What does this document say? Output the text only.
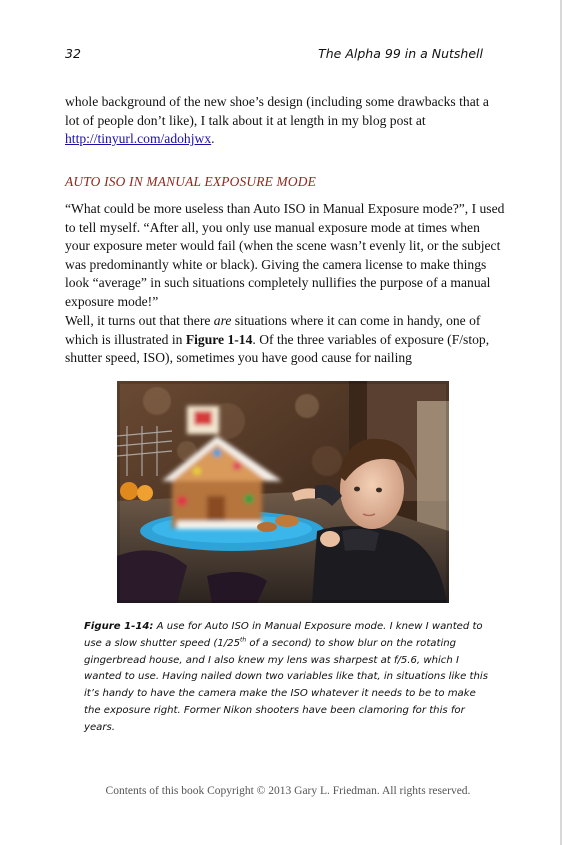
32	The Alpha 99 in a Nutshell

whole background of the new shoe’s design (including some drawbacks that a lot of people don’t like), I talk about it at length in my blog post at http://tinyurl.com/adohjwx.

AUTO ISO IN MANUAL EXPOSURE MODE

“What could be more useless than Auto ISO in Manual Exposure mode?”, I used to tell myself. “After all, you only use manual exposure mode at times when your exposure meter would fail (when the scene wasn’t evenly lit, or the subject was predominantly white or black). Giving the camera license to make things look “average” in such situations completely nullifies the purpose of a manual exposure mode!”

Well, it turns out that there are situations where it can come in handy, one of which is illustrated in Figure 1-14. Of the three variables of exposure (F/stop, shutter speed, ISO), sometimes you have good cause for nailing

Figure 1-14: A use for Auto ISO in Manual Exposure mode. I knew I wanted to use a slow shutter speed (1/25th of a second) to show blur on the rotating gingerbread house, and I also knew my lens was sharpest at f/5.6, which I wanted to use. Having nailed down two variables like that, in situations like this it’s handy to have the camera make the ISO whatever it needs to be to make the exposure right. Former Nikon shooters have been clamoring for this for years.

Contents of this book Copyright © 2013 Gary L. Friedman. All rights reserved.
